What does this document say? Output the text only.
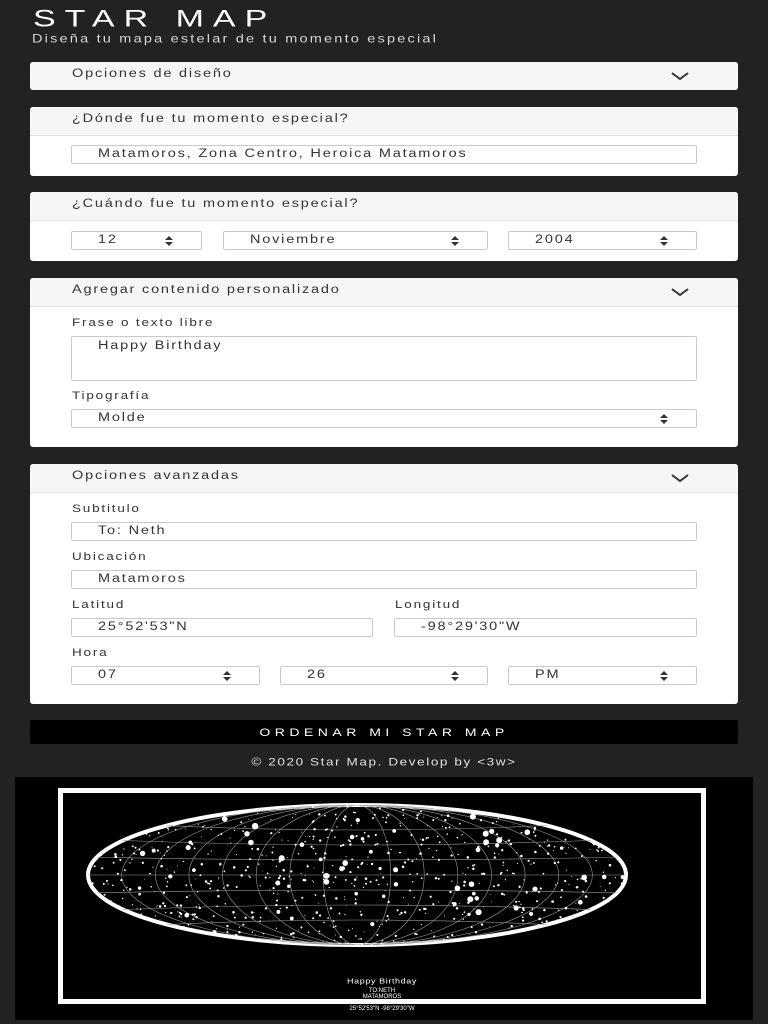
STAR MAP
Diseña tu mapa estelar de tu momento especial
Opciones de diseño
¿Dónde fue tu momento especial?
Matamoros, Zona Centro, Heroica Matamoros
¿Cuándo fue tu momento especial?
12	Noviembre	2004
Agregar contenido personalizado
Frase o texto libre
Happy Birthday
Tipografía
Molde
Opciones avanzadas
Subtitulo
To: Neth
Ubicación
Matamoros
Latitud
25°52'53"N
Longitud
-98°29'30"W
Hora
07	26	PM
ORDENAR MI STAR MAP
© 2020 Star Map. Develop by <3w>
Happy Birthday
TO:NETH
MATAMOROS
12 NOVIEMBRE 2004 07:26 PM
25°52'53"N -98°29'30"W
